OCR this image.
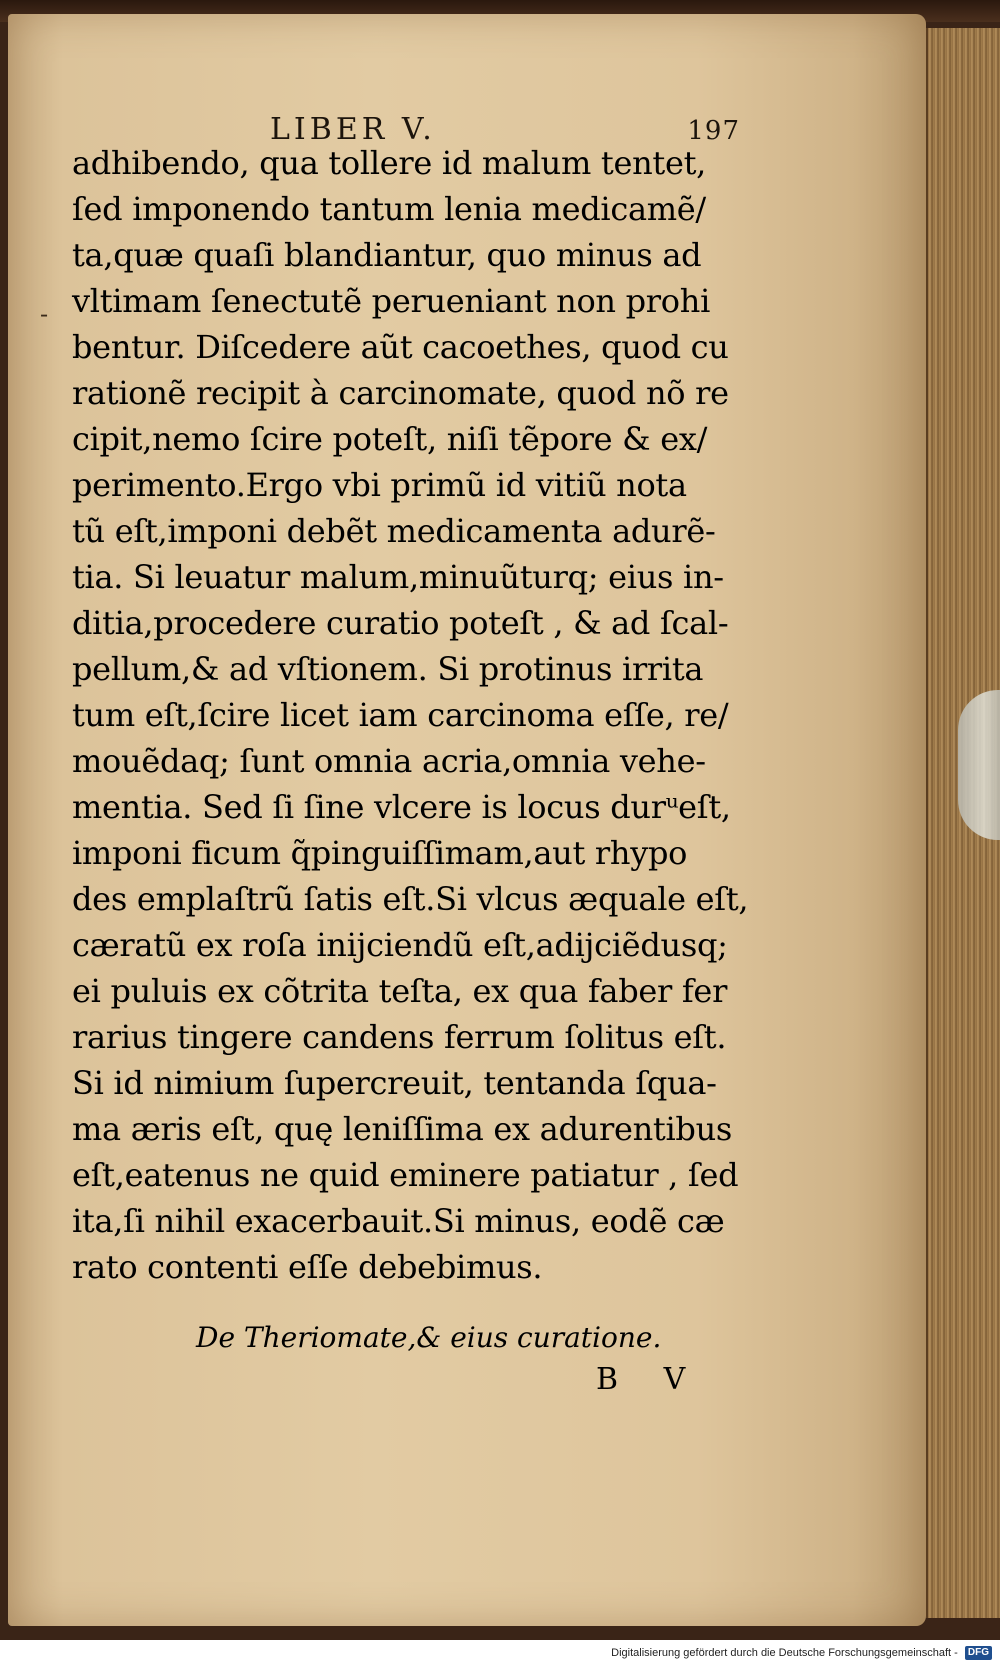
LIBER V.	197
-
adhibendo, qua tollere id malum tentet,
ſed imponendo tantum lenia medicamẽ/
ta,quæ quaſi blandiantur, quo minus ad
vltimam ſenectutẽ perueniant non prohi
bentur. Diſcedere aũt cacoethes, quod cu
rationẽ recipit à carcinomate, quod nõ re
cipit,nemo ſcire poteſt, niſi tẽpore & ex/
perimento.Ergo vbi primũ id vitiũ nota
tũ eſt,imponi debẽt medicamenta adurẽ-
tia. Si leuatur malum,minuũturq; eius in-
ditia,procedere curatio poteſt , & ad ſcal-
pellum,& ad vſtionem. Si protinus irrita
tum eſt,ſcire licet iam carcinoma eſſe, re/
mouẽdaq; ſunt omnia acria,omnia vehe-
mentia. Sed ſi ſine vlcere is locus durᵘeſt,
imponi ficum q̃pinguiſſimam,aut rhypo
des emplaſtrũ ſatis eſt.Si vlcus æquale eſt,
cæratũ ex roſa inijciendũ eſt,adijciẽdusq;
ei puluis ex cõtrita teſta, ex qua faber fer
rarius tingere candens ferrum ſolitus eſt.
Si id nimium ſupercreuit, tentanda ſqua-
ma æris eſt, quę leniſſima ex adurentibus
eſt,eatenus ne quid eminere patiatur , ſed
ita,ſi nihil exacerbauit.Si minus, eodẽ cæ
rato contenti eſſe debebimus.
De Theriomate,& eius curatione.
B V
Digitalisierung gefördert durch die Deutsche Forschungsgemeinschaft - DFG
